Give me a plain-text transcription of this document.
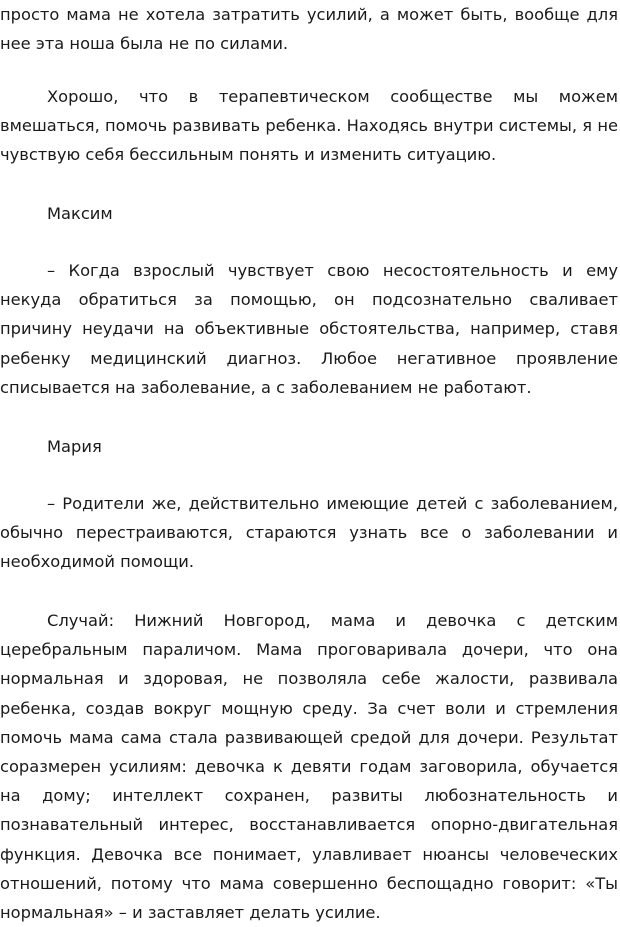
просто мама не хотела затратить усилий, а может быть, вообще для нее эта ноша была не по силами.

Хорошо, что в терапевтическом сообществе мы можем вмешаться, помочь развивать ребенка. Находясь внутри системы, я не чувствую себя бессильным понять и изменить ситуацию.

Максим

– Когда взрослый чувствует свою несостоятельность и ему некуда обратиться за помощью, он подсознательно сваливает причину неудачи на объективные обстоятельства, например, ставя ребенку медицинский диагноз. Любое негативное проявление списывается на заболевание, а с заболеванием не работают.

Мария

– Родители же, действительно имеющие детей с заболеванием, обычно перестраиваются, стараются узнать все о заболевании и необходимой помощи.

Случай: Нижний Новгород, мама и девочка с детским церебральным параличом. Мама проговаривала дочери, что она нормальная и здоровая, не позволяла себе жалости, развивала ребенка, создав вокруг мощную среду. За счет воли и стремления помочь мама сама стала развивающей средой для дочери. Результат соразмерен усилиям: девочка к девяти годам заговорила, обучается на дому; интеллект сохранен, развиты любознательность и познавательный интерес, восстанавливается опорно-двигательная функция. Девочка все понимает, улавливает нюансы человеческих отношений, потому что мама совершенно беспощадно говорит: «Ты нормальная» – и заставляет делать усилие.
